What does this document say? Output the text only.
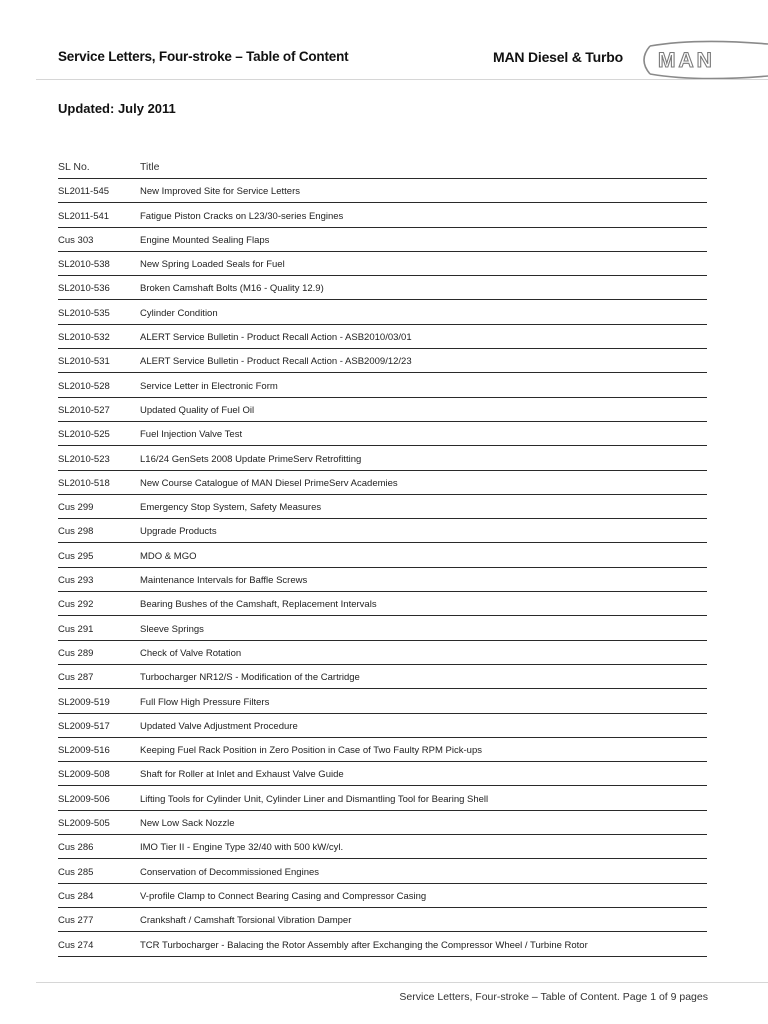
Service Letters, Four-stroke – Table of Content	MAN Diesel & Turbo MAN
Updated: July 2011
SL No.	Title
SL2011-545	New Improved Site for Service Letters
SL2011-541	Fatigue Piston Cracks on L23/30-series Engines
Cus 303	Engine Mounted Sealing Flaps
SL2010-538	New Spring Loaded Seals for Fuel
SL2010-536	Broken Camshaft Bolts (M16 - Quality 12.9)
SL2010-535	Cylinder Condition
SL2010-532	ALERT Service Bulletin - Product Recall Action - ASB2010/03/01
SL2010-531	ALERT Service Bulletin - Product Recall Action - ASB2009/12/23
SL2010-528	Service Letter in Electronic Form
SL2010-527	Updated Quality of Fuel Oil
SL2010-525	Fuel Injection Valve Test
SL2010-523	L16/24 GenSets 2008 Update PrimeServ Retrofitting
SL2010-518	New Course Catalogue of MAN Diesel PrimeServ Academies
Cus 299	Emergency Stop System, Safety Measures
Cus 298	Upgrade Products
Cus 295	MDO & MGO
Cus 293	Maintenance Intervals for Baffle Screws
Cus 292	Bearing Bushes of the Camshaft, Replacement Intervals
Cus 291	Sleeve Springs
Cus 289	Check of Valve Rotation
Cus 287	Turbocharger NR12/S - Modification of the Cartridge
SL2009-519	Full Flow High Pressure Filters
SL2009-517	Updated Valve Adjustment Procedure
SL2009-516	Keeping Fuel Rack Position in Zero Position in Case of Two Faulty RPM Pick-ups
SL2009-508	Shaft for Roller at Inlet and Exhaust Valve Guide
SL2009-506	Lifting Tools for Cylinder Unit, Cylinder Liner and Dismantling Tool for Bearing Shell
SL2009-505	New Low Sack Nozzle
Cus 286	IMO Tier II - Engine Type 32/40 with 500 kW/cyl.
Cus 285	Conservation of Decommissioned Engines
Cus 284	V-profile Clamp to Connect Bearing Casing and Compressor Casing
Cus 277	Crankshaft / Camshaft Torsional Vibration Damper
Cus 274	TCR Turbocharger - Balacing the Rotor Assembly after Exchanging the Compressor Wheel / Turbine Rotor
Service Letters, Four-stroke – Table of Content. Page 1 of 9 pages
